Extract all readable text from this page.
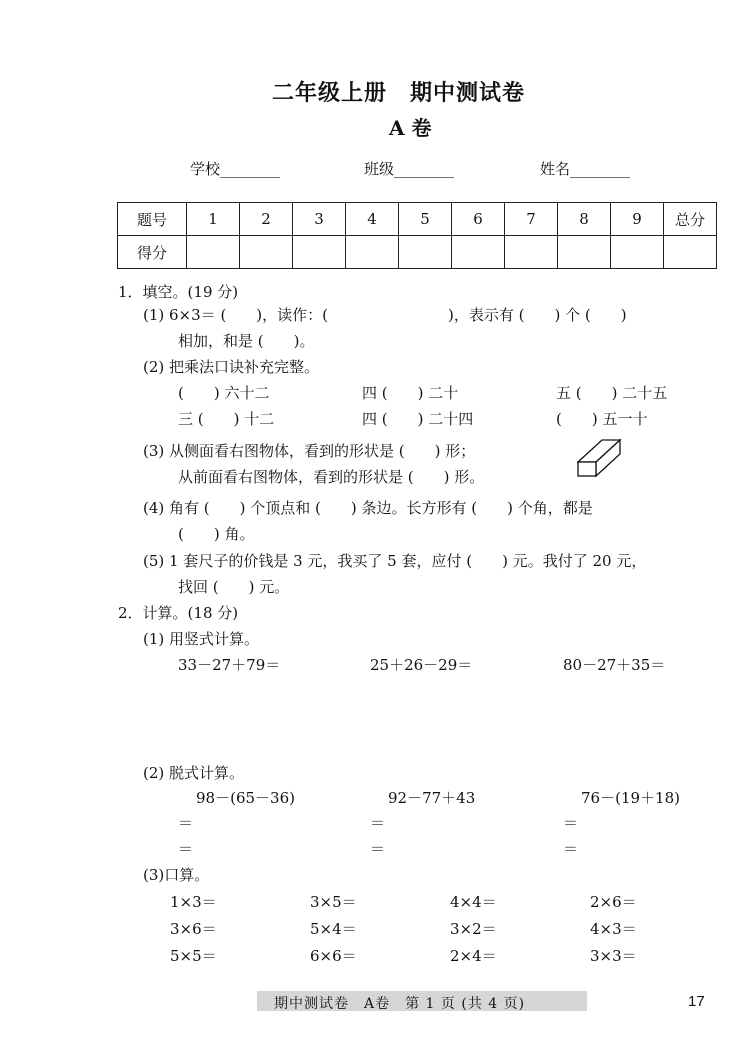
二年级上册　期中测试卷
A 卷
学校________	班级________	姓名________
题号	1	2	3	4	5	6	7	8	9	总分
得分										
1．填空。(19 分)
(1) 6×3＝ (　　)，读作：(　　　　　　　　)，表示有 (　　) 个 (　　)
相加，和是 (　　)。
(2) 把乘法口诀补充完整。
(　　) 六十二	四 (　　) 二十	五 (　　) 二十五
三 (　　) 十二	四 (　　) 二十四	(　　) 五一十
(3) 从侧面看右图物体，看到的形状是 (　　) 形；
从前面看右图物体，看到的形状是 (　　) 形。
(4) 角有 (　　) 个顶点和 (　　) 条边。长方形有 (　　) 个角，都是
(　　) 角。
(5) 1 套尺子的价钱是 3 元，我买了 5 套，应付 (　　) 元。我付了 20 元，
找回 (　　) 元。
2．计算。(18 分)
(1) 用竖式计算。
33－27＋79＝	25＋26－29＝	80－27＋35＝
(2) 脱式计算。
98－(65－36)	92－77＋43	76－(19＋18)
＝	＝	＝
＝	＝	＝
(3)口算。
1×3＝	3×5＝	4×4＝	2×6＝
3×6＝	5×4＝	3×2＝	4×3＝
5×5＝	6×6＝	2×4＝	3×3＝
期中测试卷　A卷　第 1 页 (共 4 页)	17
